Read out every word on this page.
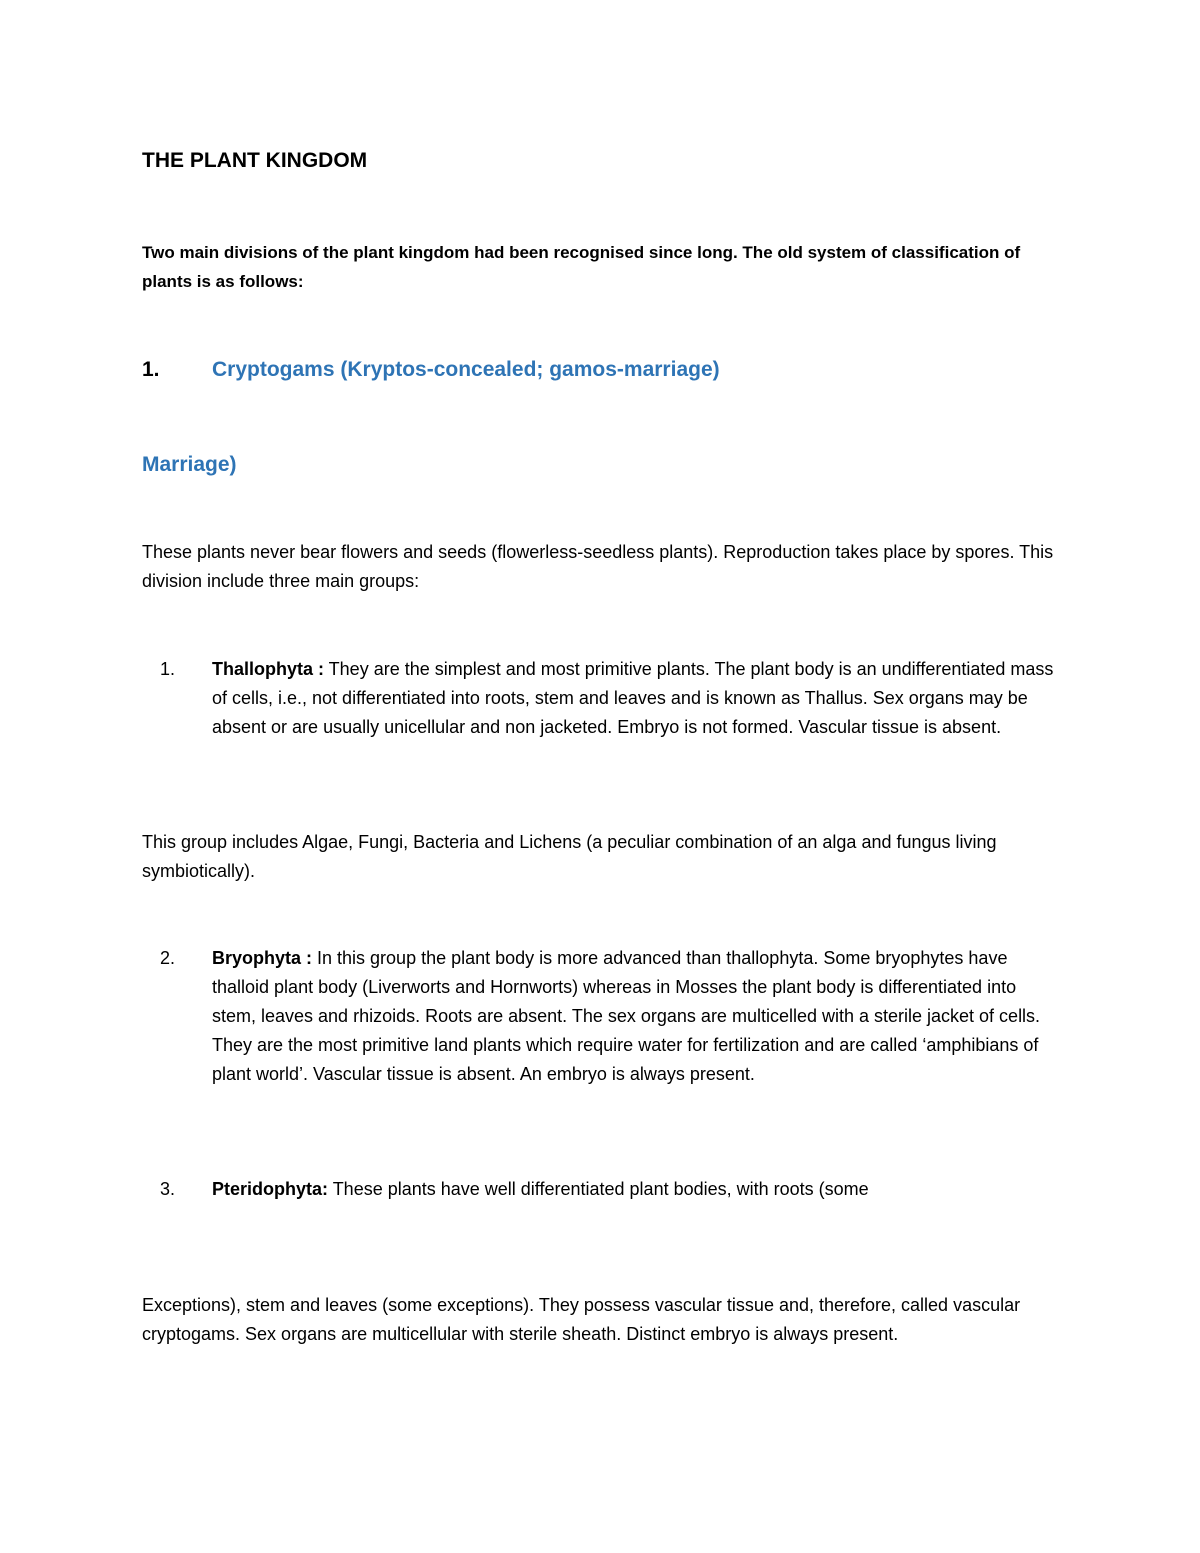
THE PLANT KINGDOM

Two main divisions of the plant kingdom had been recognised since long. The old system of classification of plants is as follows:

1. Cryptogams (Kryptos-concealed; gamos-marriage)
Marriage)

These plants never bear flowers and seeds (flowerless-seedless plants). Reproduction takes place by spores. This division include three main groups:

1. Thallophyta : They are the simplest and most primitive plants. The plant body is an undifferentiated mass of cells, i.e., not differentiated into roots, stem and leaves and is known as Thallus. Sex organs may be absent or are usually unicellular and non jacketed. Embryo is not formed. Vascular tissue is absent.

This group includes Algae, Fungi, Bacteria and Lichens (a peculiar combination of an alga and fungus living symbiotically).

2. Bryophyta : In this group the plant body is more advanced than thallophyta. Some bryophytes have thalloid plant body (Liverworts and Hornworts) whereas in Mosses the plant body is differentiated into stem, leaves and rhizoids. Roots are absent. The sex organs are multicelled with a sterile jacket of cells. They are the most primitive land plants which require water for fertilization and are called ‘amphibians of plant world’. Vascular tissue is absent. An embryo is always present.
3. Pteridophyta: These plants have well differentiated plant bodies, with roots (some

Exceptions), stem and leaves (some exceptions). They possess vascular tissue and, therefore, called vascular cryptogams. Sex organs are multicellular with sterile sheath. Distinct embryo is always present.
